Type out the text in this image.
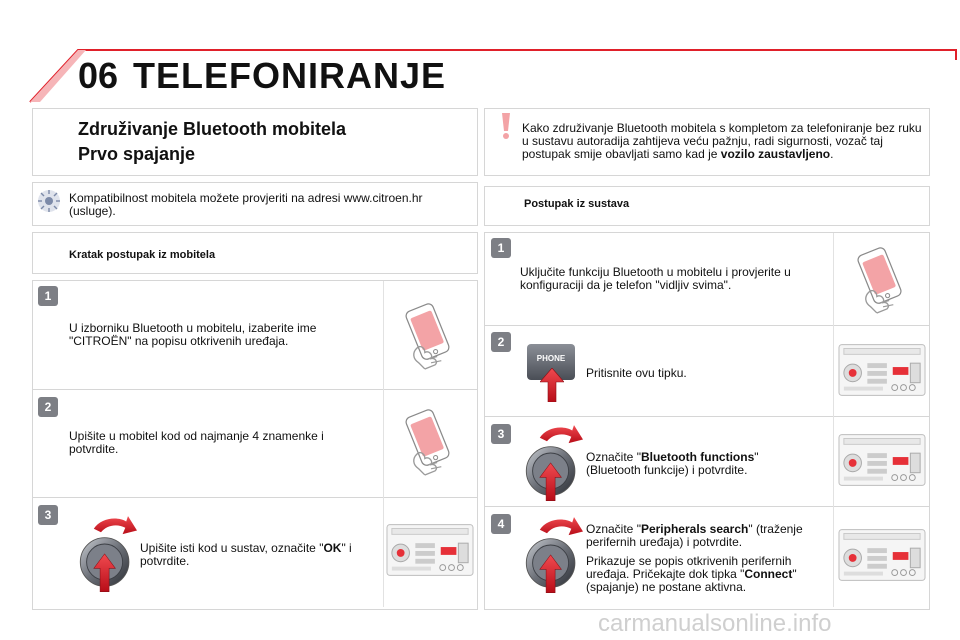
06 TELEFONIRANJE
Združivanje Bluetooth mobitela
Prvo spajanje
Kako združivanje Bluetooth mobitela s kompletom za telefoniranje bez ruku u sustavu autoradija zahtijeva veću pažnju, radi sigurnosti, vozač taj postupak smije obavljati samo kad je vozilo zaustavljeno.
Kompatibilnost mobitela možete provjeriti na adresi www.citroen.hr (usluge).	Postupak iz sustava
Kratak postupak iz mobitela
1
U izborniku Bluetooth u mobitelu, izaberite ime "CITROËN" na popisu otkrivenih uređaja.
2
Upišite u mobitel kod od najmanje 4 znamenke i potvrdite.
3
Upišite isti kod u sustav, označite "OK" i potvrdite.
1
Uključite funkciju Bluetooth u mobitelu i provjerite u konfiguraciji da je telefon "vidljiv svima".
2
PHONE
Pritisnite ovu tipku.
3
Označite "Bluetooth functions" (Bluetooth funkcije) i potvrdite.
4	Označite "Peripherals search" (traženje perifernih uređaja) i potvrdite.
Prikazuje se popis otkrivenih perifernih uređaja. Pričekajte dok tipka "Connect" (spajanje) ne postane aktivna.
carmanualsonline.info
